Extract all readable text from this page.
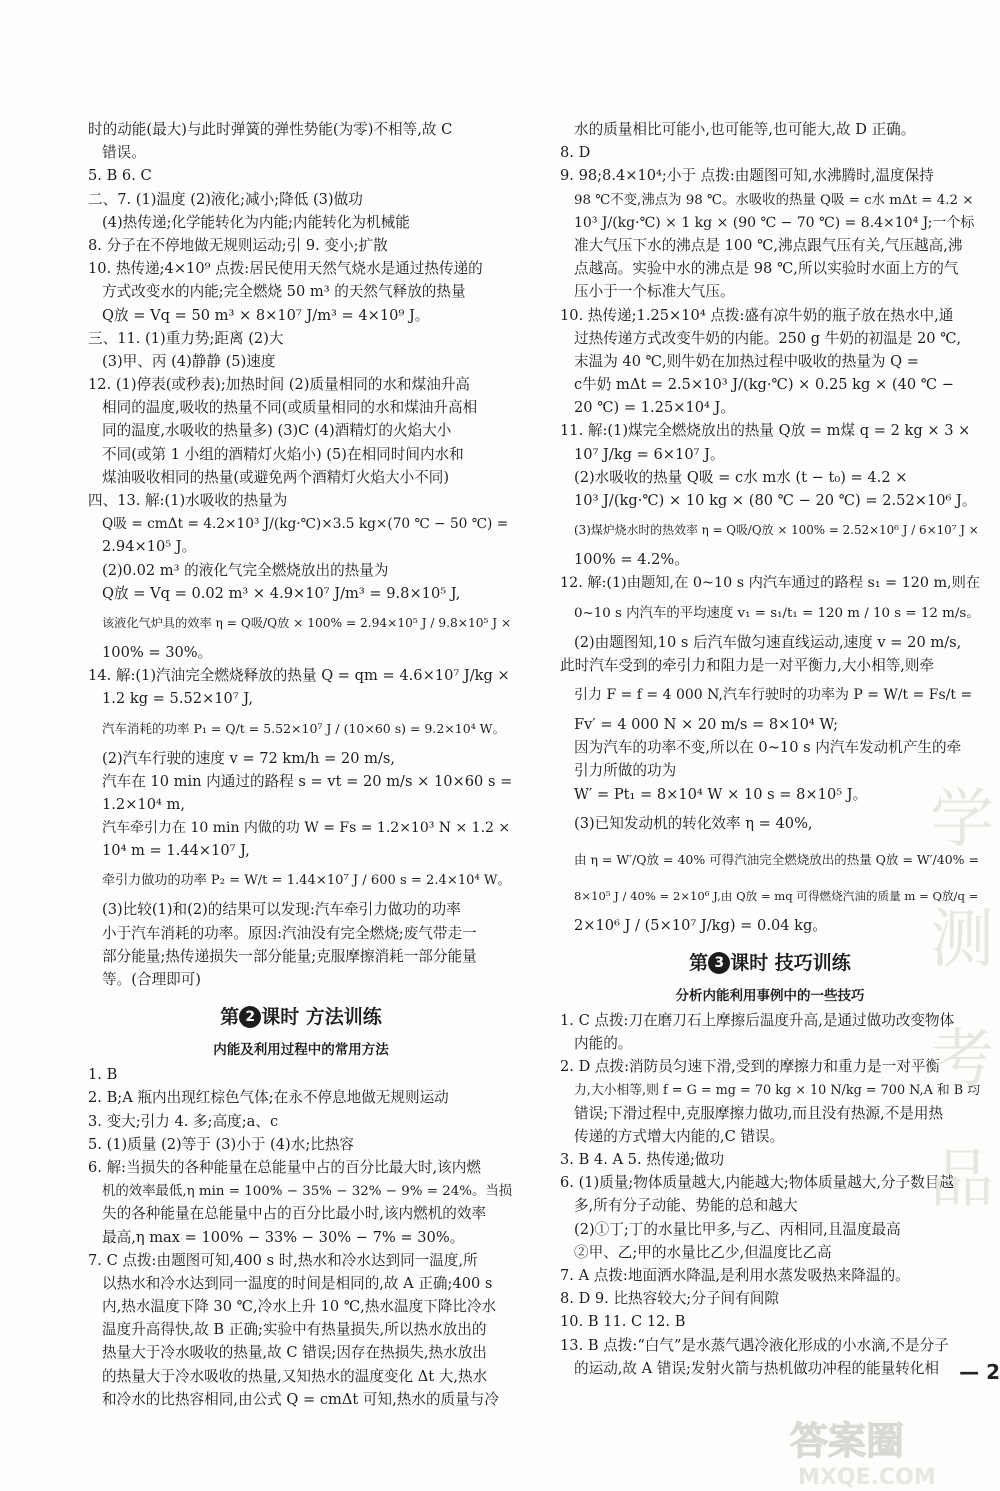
时的动能(最大)与此时弹簧的弹性势能(为零)不相等,故 C
错误。
5. B 6. C
二、7. (1)温度 (2)液化;减小;降低 (3)做功
(4)热传递;化学能转化为内能;内能转化为机械能
8. 分子在不停地做无规则运动;引 9. 变小;扩散
10. 热传递;4×10⁹ 点拨:居民使用天然气烧水是通过热传递的
方式改变水的内能;完全燃烧 50 m³ 的天然气释放的热量
Q放 = Vq = 50 m³ × 8×10⁷ J/m³ = 4×10⁹ J。
三、11. (1)重力势;距离 (2)大
(3)甲、丙 (4)静静 (5)速度
12. (1)停表(或秒表);加热时间 (2)质量相同的水和煤油升高
相同的温度,吸收的热量不同(或质量相同的水和煤油升高相
同的温度,水吸收的热量多) (3)C (4)酒精灯的火焰大小
不同(或第 1 小组的酒精灯火焰小) (5)在相同时间内水和
煤油吸收相同的热量(或避免两个酒精灯火焰大小不同)
四、13. 解:(1)水吸收的热量为
Q吸 = cmΔt = 4.2×10³ J/(kg·℃)×3.5 kg×(70 ℃ − 50 ℃) =
2.94×10⁵ J。
(2)0.02 m³ 的液化气完全燃烧放出的热量为
Q放 = Vq = 0.02 m³ × 4.9×10⁷ J/m³ = 9.8×10⁵ J,
该液化气炉具的效率 η = Q吸/Q放 × 100% = 2.94×10⁵ J / 9.8×10⁵ J ×
100% = 30%。
14. 解:(1)汽油完全燃烧释放的热量 Q = qm = 4.6×10⁷ J/kg ×
1.2 kg = 5.52×10⁷ J,
汽车消耗的功率 P₁ = Q/t = 5.52×10⁷ J / (10×60 s) = 9.2×10⁴ W。
(2)汽车行驶的速度 v = 72 km/h = 20 m/s,
汽车在 10 min 内通过的路程 s = vt = 20 m/s × 10×60 s =
1.2×10⁴ m,
汽车牵引力在 10 min 内做的功 W = Fs = 1.2×10³ N × 1.2 ×
10⁴ m = 1.44×10⁷ J,
牵引力做功的功率 P₂ = W/t = 1.44×10⁷ J / 600 s = 2.4×10⁴ W。
(3)比较(1)和(2)的结果可以发现:汽车牵引力做功的功率
小于汽车消耗的功率。原因:汽油没有完全燃烧;废气带走一
部分能量;热传递损失一部分能量;克服摩擦消耗一部分能量
等。(合理即可)
第 2 课时 方法训练
内能及利用过程中的常用方法
1. B
2. B;A 瓶内出现红棕色气体;在永不停息地做无规则运动
3. 变大;引力 4. 多;高度;a、c
5. (1)质量 (2)等于 (3)小于 (4)水;比热容
6. 解:当损失的各种能量在总能量中占的百分比最大时,该内燃
机的效率最低,η min = 100% − 35% − 32% − 9% = 24%。当损
失的各种能量在总能量中占的百分比最小时,该内燃机的效率
最高,η max = 100% − 33% − 30% − 7% = 30%。
7. C 点拨:由题图可知,400 s 时,热水和冷水达到同一温度,所
以热水和冷水达到同一温度的时间是相同的,故 A 正确;400 s
内,热水温度下降 30 ℃,冷水上升 10 ℃,热水温度下降比冷水
温度升高得快,故 B 正确;实验中有热量损失,所以热水放出的
热量大于冷水吸收的热量,故 C 错误;因存在热损失,热水放出
的热量大于冷水吸收的热量,又知热水的温度变化 Δt 大,热水
和冷水的比热容相同,由公式 Q = cmΔt 可知,热水的质量与冷
水的质量相比可能小,也可能等,也可能大,故 D 正确。
8. D
9. 98;8.4×10⁴;小于 点拨:由题图可知,水沸腾时,温度保持
98 ℃不变,沸点为 98 ℃。水吸收的热量 Q吸 = c水 mΔt = 4.2 ×
10³ J/(kg·℃) × 1 kg × (90 ℃ − 70 ℃) = 8.4×10⁴ J;一个标
准大气压下水的沸点是 100 ℃,沸点跟气压有关,气压越高,沸
点越高。实验中水的沸点是 98 ℃,所以实验时水面上方的气
压小于一个标准大气压。
10. 热传递;1.25×10⁴ 点拨:盛有凉牛奶的瓶子放在热水中,通
过热传递方式改变牛奶的内能。250 g 牛奶的初温是 20 ℃,
末温为 40 ℃,则牛奶在加热过程中吸收的热量为 Q =
c牛奶 mΔt = 2.5×10³ J/(kg·℃) × 0.25 kg × (40 ℃ −
20 ℃) = 1.25×10⁴ J。
11. 解:(1)煤完全燃烧放出的热量 Q放 = m煤 q = 2 kg × 3 ×
10⁷ J/kg = 6×10⁷ J。
(2)水吸收的热量 Q吸 = c水 m水 (t − t₀) = 4.2 ×
10³ J/(kg·℃) × 10 kg × (80 ℃ − 20 ℃) = 2.52×10⁶ J。
(3)煤炉烧水时的热效率 η = Q吸/Q放 × 100% = 2.52×10⁶ J / 6×10⁷ J ×
100% = 4.2%。
12. 解:(1)由题知,在 0~10 s 内汽车通过的路程 s₁ = 120 m,则在
0~10 s 内汽车的平均速度 v₁ = s₁/t₁ = 120 m / 10 s = 12 m/s。
(2)由题图知,10 s 后汽车做匀速直线运动,速度 v = 20 m/s,
此时汽车受到的牵引力和阻力是一对平衡力,大小相等,则牵
引力 F = f = 4 000 N,汽车行驶时的功率为 P = W/t = Fs/t =
Fv′ = 4 000 N × 20 m/s = 8×10⁴ W;
因为汽车的功率不变,所以在 0~10 s 内汽车发动机产生的牵
引力所做的功为
W′ = Pt₁ = 8×10⁴ W × 10 s = 8×10⁵ J。
(3)已知发动机的转化效率 η = 40%,
由 η = W′/Q放 = 40% 可得汽油完全燃烧放出的热量 Q放 = W′/40% =
8×10⁵ J / 40% = 2×10⁶ J,由 Q放 = mq 可得燃烧汽油的质量 m = Q放/q =
2×10⁶ J / (5×10⁷ J/kg) = 0.04 kg。
第 3 课时 技巧训练
分析内能利用事例中的一些技巧
1. C 点拨:刀在磨刀石上摩擦后温度升高,是通过做功改变物体
内能的。
2. D 点拨:消防员匀速下滑,受到的摩擦力和重力是一对平衡
力,大小相等,则 f = G = mg = 70 kg × 10 N/kg = 700 N,A 和 B 均
错误;下滑过程中,克服摩擦力做功,而且没有热源,不是用热
传递的方式增大内能的,C 错误。
3. B 4. A 5. 热传递;做功
6. (1)质量;物体质量越大,内能越大;物体质量越大,分子数目越
多,所有分子动能、势能的总和越大
(2)①丁;丁的水量比甲多,与乙、丙相同,且温度最高
②甲、乙;甲的水量比乙少,但温度比乙高
7. A 点拨:地面洒水降温,是利用水蒸发吸热来降温的。
8. D 9. 比热容较大;分子间有间隙
10. B 11. C 12. B
13. B 点拨:“白气”是水蒸气遇冷液化形成的小水滴,不是分子
的运动,故 A 错误;发射火箭与热机做功冲程的能量转化相	— 2
学 测 考 品
答案圈
MXQE.COM
